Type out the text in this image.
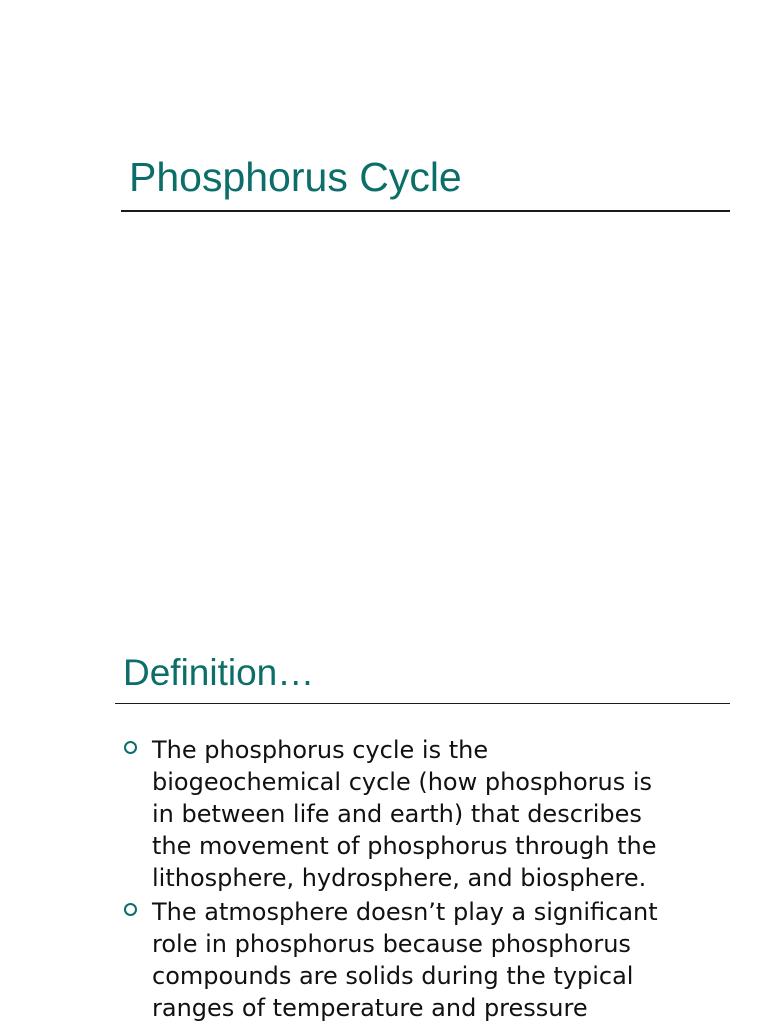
Phosphorus Cycle
Definition…
The phosphorus cycle is the
biogeochemical cycle (how phosphorus is
in between life and earth) that describes
the movement of phosphorus through the
lithosphere, hydrosphere, and biosphere.
The atmosphere doesn’t play a significant
role in phosphorus because phosphorus
compounds are solids during the typical
ranges of temperature and pressure
